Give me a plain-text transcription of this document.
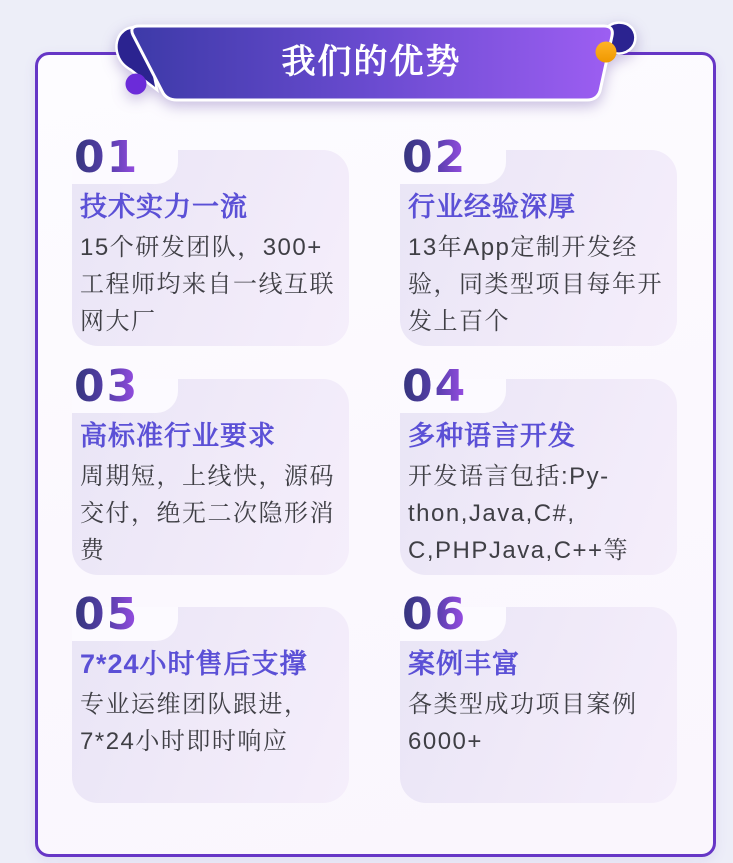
我们的优势
01
技术实力一流
15个研发团队，300+
工程师均来自一线互联
网大厂
02
行业经验深厚
13年App定制开发经
验，同类型项目每年开
发上百个
03
高标准行业要求
周期短，上线快，源码
交付，绝无二次隐形消
费
04
多种语言开发
开发语言包括:Py-
thon,Java,C#,
C,PHPJava,C++等
05
7*24小时售后支撑
专业运维团队跟进，
7*24小时即时响应
06
案例丰富
各类型成功项目案例
6000+
